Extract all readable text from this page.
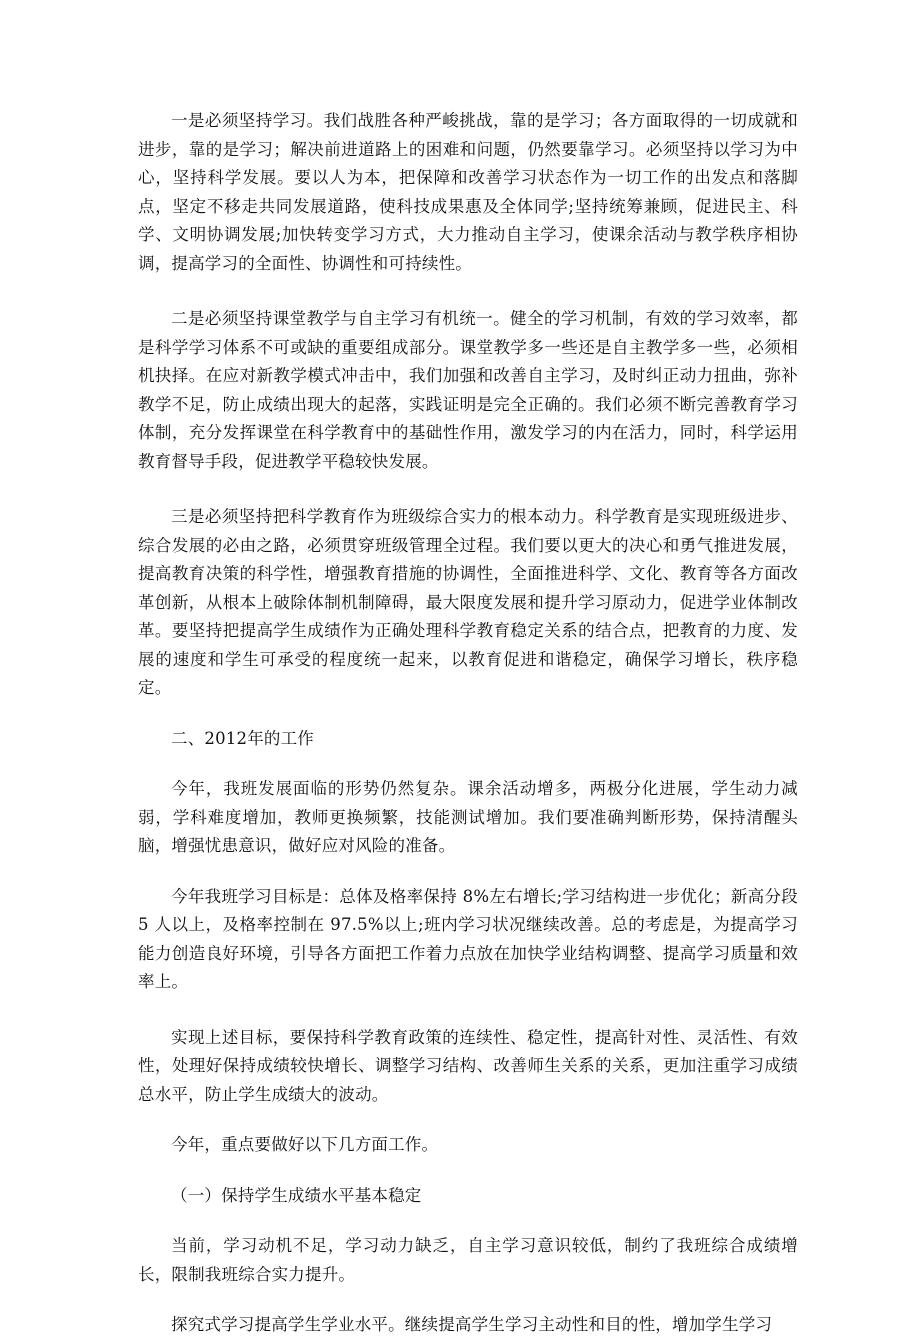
一是必须坚持学习。我们战胜各种严峻挑战，靠的是学习；各方面取得的一切成就和进步，靠的是学习；解决前进道路上的困难和问题，仍然要靠学习。必须坚持以学习为中心，坚持科学发展。要以人为本，把保障和改善学习状态作为一切工作的出发点和落脚点，坚定不移走共同发展道路，使科技成果惠及全体同学;坚持统筹兼顾，促进民主、科学、文明协调发展;加快转变学习方式，大力推动自主学习，使课余活动与教学秩序相协调，提高学习的全面性、协调性和可持续性。

二是必须坚持课堂教学与自主学习有机统一。健全的学习机制，有效的学习效率，都是科学学习体系不可或缺的重要组成部分。课堂教学多一些还是自主教学多一些，必须相机抉择。在应对新教学模式冲击中，我们加强和改善自主学习，及时纠正动力扭曲，弥补教学不足，防止成绩出现大的起落，实践证明是完全正确的。我们必须不断完善教育学习体制，充分发挥课堂在科学教育中的基础性作用，激发学习的内在活力，同时，科学运用教育督导手段，促进教学平稳较快发展。

三是必须坚持把科学教育作为班级综合实力的根本动力。科学教育是实现班级进步、综合发展的必由之路，必须贯穿班级管理全过程。我们要以更大的决心和勇气推进发展，提高教育决策的科学性，增强教育措施的协调性，全面推进科学、文化、教育等各方面改革创新，从根本上破除体制机制障碍，最大限度发展和提升学习原动力，促进学业体制改革。要坚持把提高学生成绩作为正确处理科学教育稳定关系的结合点，把教育的力度、发展的速度和学生可承受的程度统一起来，以教育促进和谐稳定，确保学习增长，秩序稳定。

二、2012年的工作

今年，我班发展面临的形势仍然复杂。课余活动增多，两极分化进展，学生动力减弱，学科难度增加，教师更换频繁，技能测试增加。我们要准确判断形势，保持清醒头脑，增强忧患意识，做好应对风险的准备。

今年我班学习目标是：总体及格率保持 8%左右增长;学习结构进一步优化；新高分段 5 人以上，及格率控制在 97.5%以上;班内学习状况继续改善。总的考虑是，为提高学习能力创造良好环境，引导各方面把工作着力点放在加快学业结构调整、提高学习质量和效率上。

实现上述目标，要保持科学教育政策的连续性、稳定性，提高针对性、灵活性、有效性，处理好保持成绩较快增长、调整学习结构、改善师生关系的关系，更加注重学习成绩总水平，防止学生成绩大的波动。

今年，重点要做好以下几方面工作。

（一）保持学生成绩水平基本稳定

当前，学习动机不足，学习动力缺乏，自主学习意识较低，制约了我班综合成绩增长，限制我班综合实力提升。

探究式学习提高学生学业水平。继续提高学生学习主动性和目的性，增加学生学习
